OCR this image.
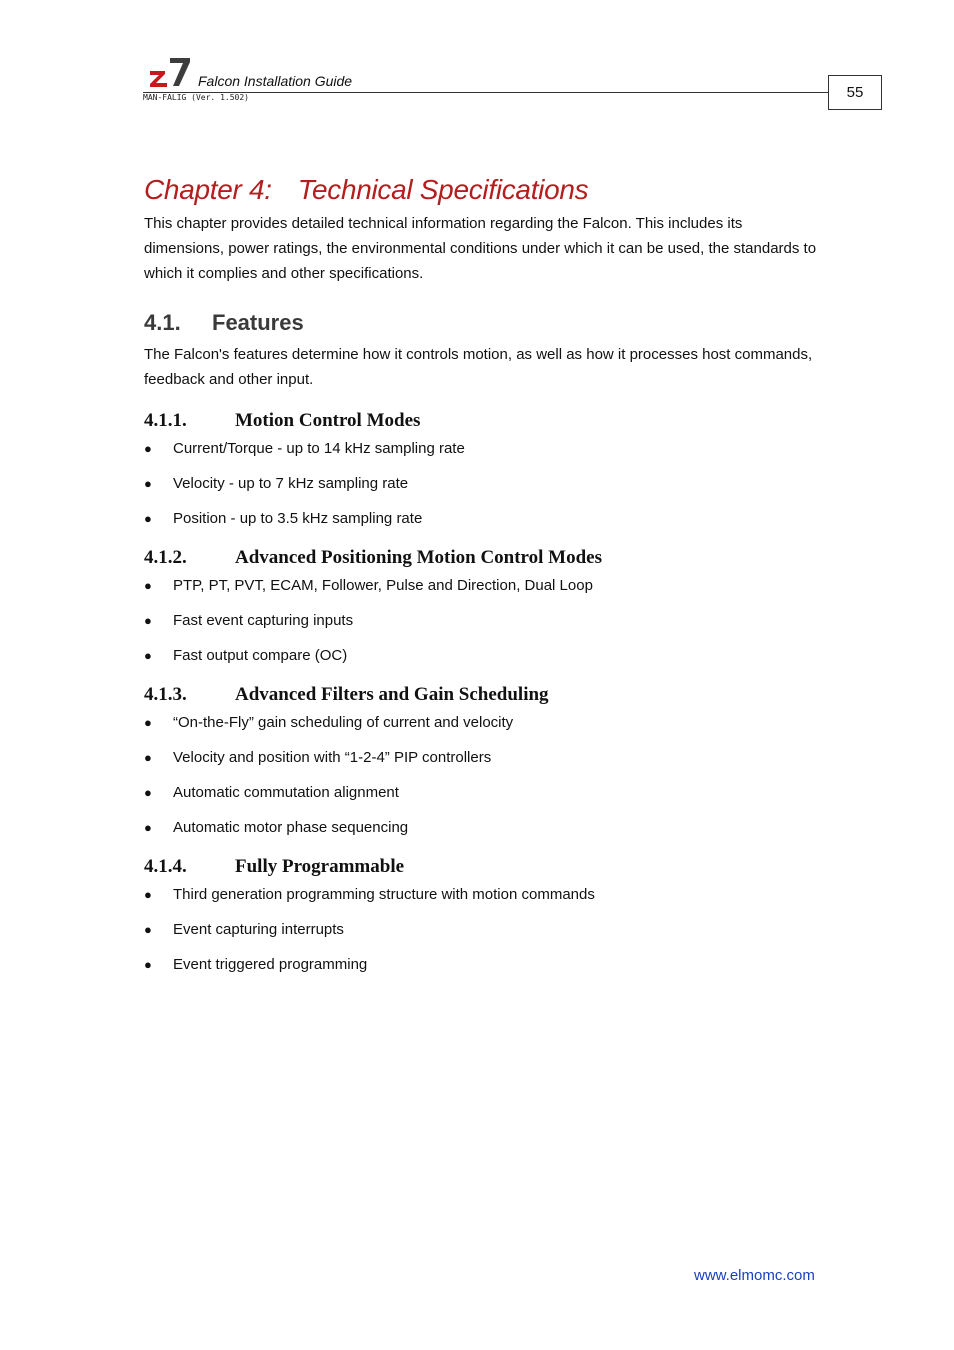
Falcon Installation Guide
MAN-FALIG (Ver. 1.502)	55
Chapter 4: Technical Specifications

This chapter provides detailed technical information regarding the Falcon. This includes its dimensions, power ratings, the environmental conditions under which it can be used, the standards to which it complies and other specifications.

4.1. Features

The Falcon's features determine how it controls motion, as well as how it processes host commands, feedback and other input.

4.1.1.	Motion Control Modes
● Current/Torque - up to 14 kHz sampling rate
● Velocity - up to 7 kHz sampling rate
● Position - up to 3.5 kHz sampling rate
4.1.2.	Advanced Positioning Motion Control Modes
● PTP, PT, PVT, ECAM, Follower, Pulse and Direction, Dual Loop
● Fast event capturing inputs
● Fast output compare (OC)
4.1.3.	Advanced Filters and Gain Scheduling
● “On-the-Fly” gain scheduling of current and velocity
● Velocity and position with “1-2-4” PIP controllers
● Automatic commutation alignment
● Automatic motor phase sequencing
4.1.4.	Fully Programmable
● Third generation programming structure with motion commands
● Event capturing interrupts
● Event triggered programming
www.elmomc.com
